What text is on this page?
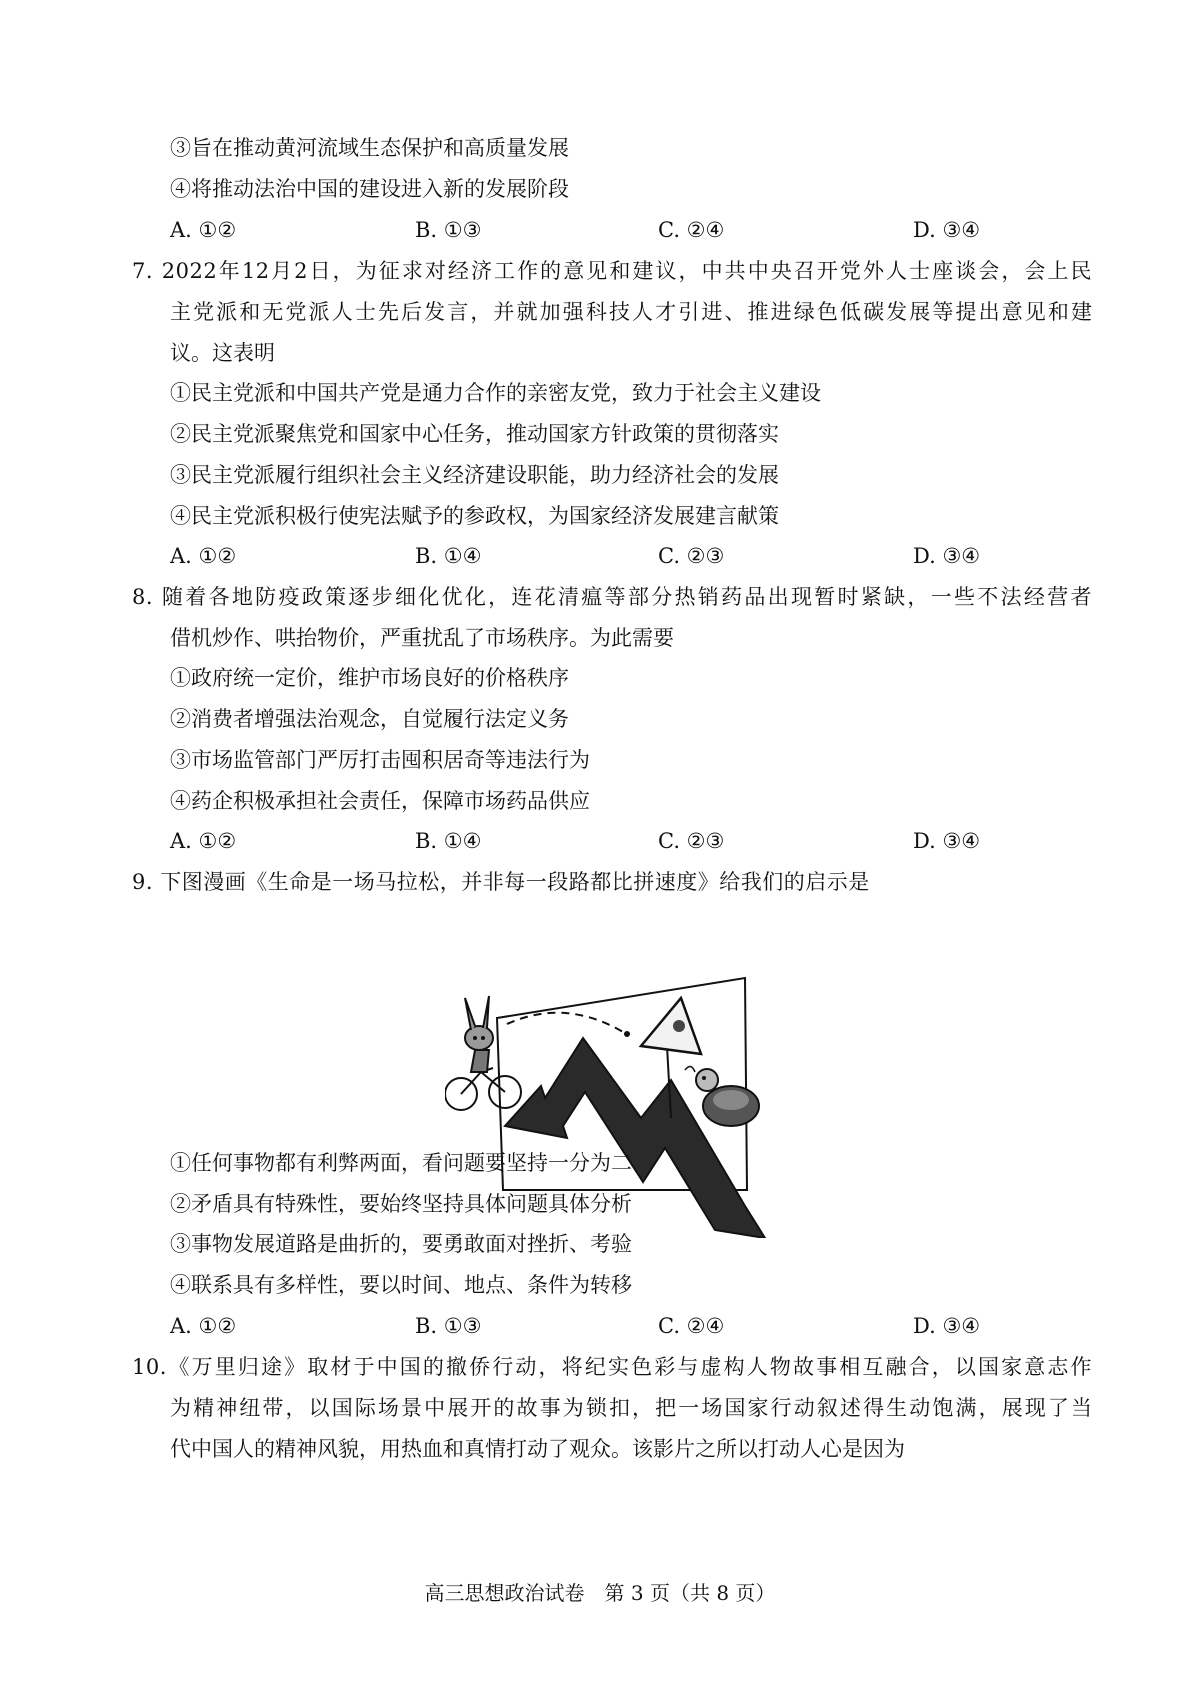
③旨在推动黄河流域生态保护和高质量发展
④将推动法治中国的建设进入新的发展阶段
A. ①②	B. ①③	C. ②④	D. ③④
7. 2022年12月2日，为征求对经济工作的意见和建议，中共中央召开党外人士座谈会，会上民
主党派和无党派人士先后发言，并就加强科技人才引进、推进绿色低碳发展等提出意见和建
议。这表明
①民主党派和中国共产党是通力合作的亲密友党，致力于社会主义建设
②民主党派聚焦党和国家中心任务，推动国家方针政策的贯彻落实
③民主党派履行组织社会主义经济建设职能，助力经济社会的发展
④民主党派积极行使宪法赋予的参政权，为国家经济发展建言献策
A. ①②	B. ①④	C. ②③	D. ③④
8. 随着各地防疫政策逐步细化优化，连花清瘟等部分热销药品出现暂时紧缺，一些不法经营者
借机炒作、哄抬物价，严重扰乱了市场秩序。为此需要
①政府统一定价，维护市场良好的价格秩序
②消费者增强法治观念，自觉履行法定义务
③市场监管部门严厉打击囤积居奇等违法行为
④药企积极承担社会责任，保障市场药品供应
A. ①②	B. ①④	C. ②③	D. ③④
9. 下图漫画《生命是一场马拉松，并非每一段路都比拼速度》给我们的启示是
①任何事物都有利弊两面，看问题要坚持一分为二
②矛盾具有特殊性，要始终坚持具体问题具体分析
③事物发展道路是曲折的，要勇敢面对挫折、考验
④联系具有多样性，要以时间、地点、条件为转移
A. ①②	B. ①③	C. ②④	D. ③④
10.《万里归途》取材于中国的撤侨行动，将纪实色彩与虚构人物故事相互融合，以国家意志作
为精神纽带，以国际场景中展开的故事为锁扣，把一场国家行动叙述得生动饱满，展现了当
代中国人的精神风貌，用热血和真情打动了观众。该影片之所以打动人心是因为
高三思想政治试卷　第 3 页（共 8 页）
